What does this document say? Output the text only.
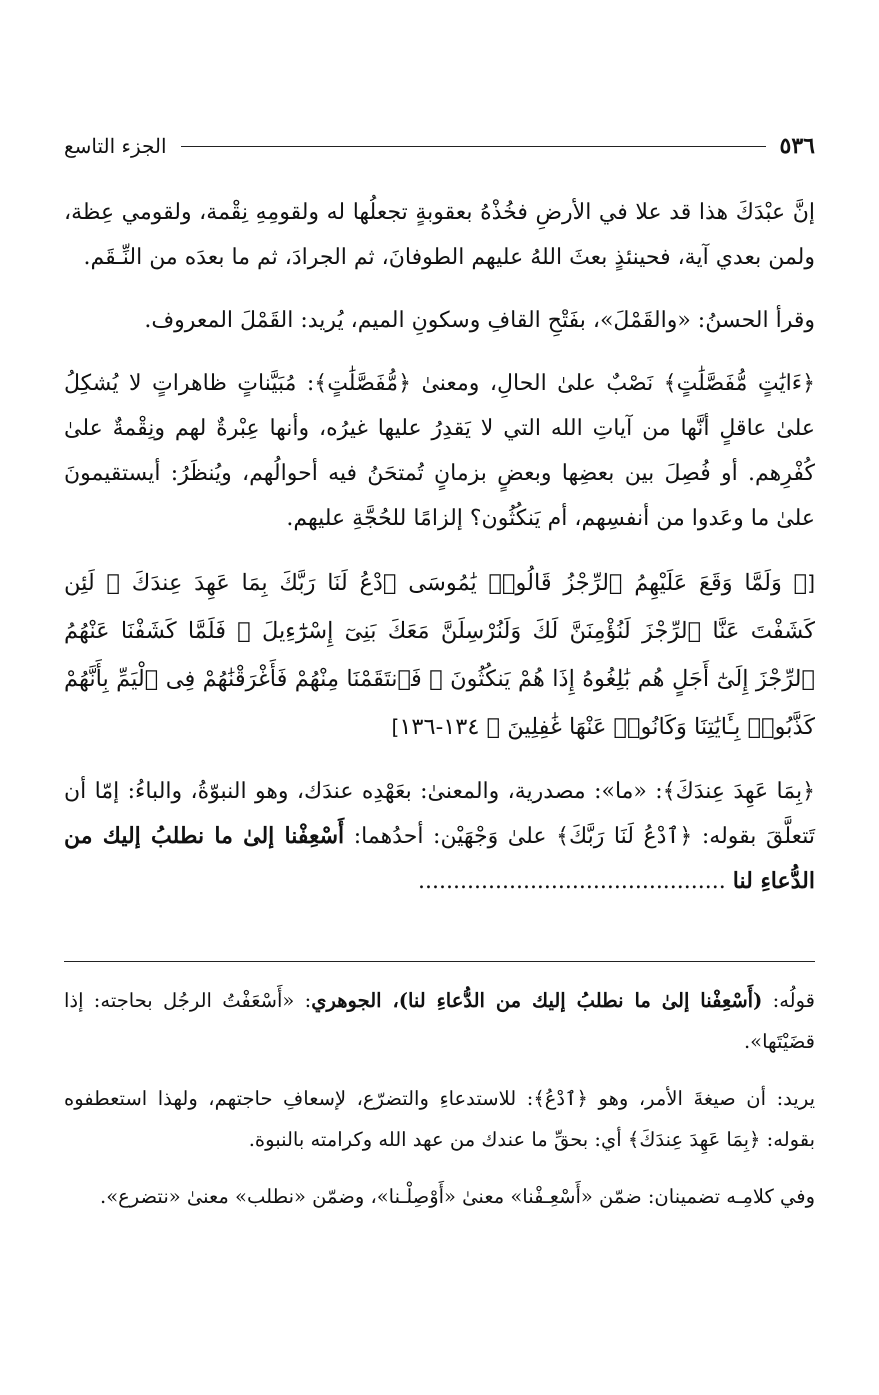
٥٣٦
الجزء التاسع

إنَّ عبْدَكَ هذا قد علا في الأرضِ فخُذْهُ بعقوبةٍ تجعلُها له ولقومِهِ نِقْمة، ولقومي عِظة، ولمن بعدي آية، فحينئذٍ بعثَ اللهُ عليهم الطوفانَ، ثم الجرادَ، ثم ما بعدَه من النِّـقَم.

وقرأ الحسنُ: «والقَمْلَ»، بفَتْحِ القافِ وسكونِ الميم، يُريد: القَمْلَ المعروف.

﴿ءَايَٰتٍ مُّفَصَّلَٰتٍ﴾ نَصْبٌ علىٰ الحالِ، ومعنىٰ ﴿مُّفَصَّلَٰتٍ﴾: مُبَيَّناتٍ ظاهراتٍ لا يُشكِلُ علىٰ عاقلٍ أنَّها من آياتِ الله التي لا يَقدِرُ عليها غيرُه، وأنها عِبْرةٌ لهم ونِقْمةٌ علىٰ كُفْرِهم. أو فُصِلَ بين بعضِها وبعضٍ بزمانٍ تُمتحَنُ فيه أحوالُهم، ويُنظَرُ: أيستقيمونَ علىٰ ما وعَدوا من أنفسِهم، أم يَنكُثُون؟ إلزامًا للحُجَّةِ عليهم.

[﴿ وَلَمَّا وَقَعَ عَلَيْهِمُ ٱلرِّجْزُ قَالُوا۟ يَٰمُوسَى ٱدْعُ لَنَا رَبَّكَ بِمَا عَهِدَ عِندَكَ ۖ لَئِن كَشَفْتَ عَنَّا ٱلرِّجْزَ لَنُؤْمِنَنَّ لَكَ وَلَنُرْسِلَنَّ مَعَكَ بَنِىٓ إِسْرَٰٓءِيلَ ۞ فَلَمَّا كَشَفْنَا عَنْهُمُ ٱلرِّجْزَ إِلَىٰٓ أَجَلٍ هُم بَٰلِغُوهُ إِذَا هُمْ يَنكُثُونَ ۞ فَٱنتَقَمْنَا مِنْهُمْ فَأَغْرَقْنَٰهُمْ فِى ٱلْيَمِّ بِأَنَّهُمْ كَذَّبُوا۟ بِـَٔايَٰتِنَا وَكَانُوا۟ عَنْهَا غَٰفِلِينَ ﴾ ١٣٤-١٣٦]

﴿بِمَا عَهِدَ عِندَكَ﴾: «ما»: مصدرية، والمعنىٰ: بعَهْدِه عندَك، وهو النبوّةُ، والباءُ: إمّا أن تَتعلَّقَ بقوله: ﴿ٱدْعُ لَنَا رَبَّكَ﴾ علىٰ وَجْهَيْن: أحدُهما: أَسْعِفْنا إلىٰ ما نطلبُ إليك من الدُّعاءِ لنا ............................................

قولُه: (أَسْعِفْنا إلىٰ ما نطلبُ إليك من الدُّعاءِ لنا)، الجوهري: «أَسْعَفْتُ الرجُل بحاجته: إذا قضَيْتَها».

يريد: أن صيغةَ الأمر، وهو ﴿ٱدْعُ﴾: للاستدعاءِ والتضرّع، لإسعافِ حاجتهم، ولهذا استعطفوه بقوله: ﴿بِمَا عَهِدَ عِندَكَ﴾ أي: بحقِّ ما عندك من عهد الله وكرامته بالنبوة.

وفي كلامِـه تضمينان: ضمّن «أَسْعِـفْنا» معنىٰ «أَوْصِلْـنا»، وضمّن «نطلب» معنىٰ «نتضرع».
